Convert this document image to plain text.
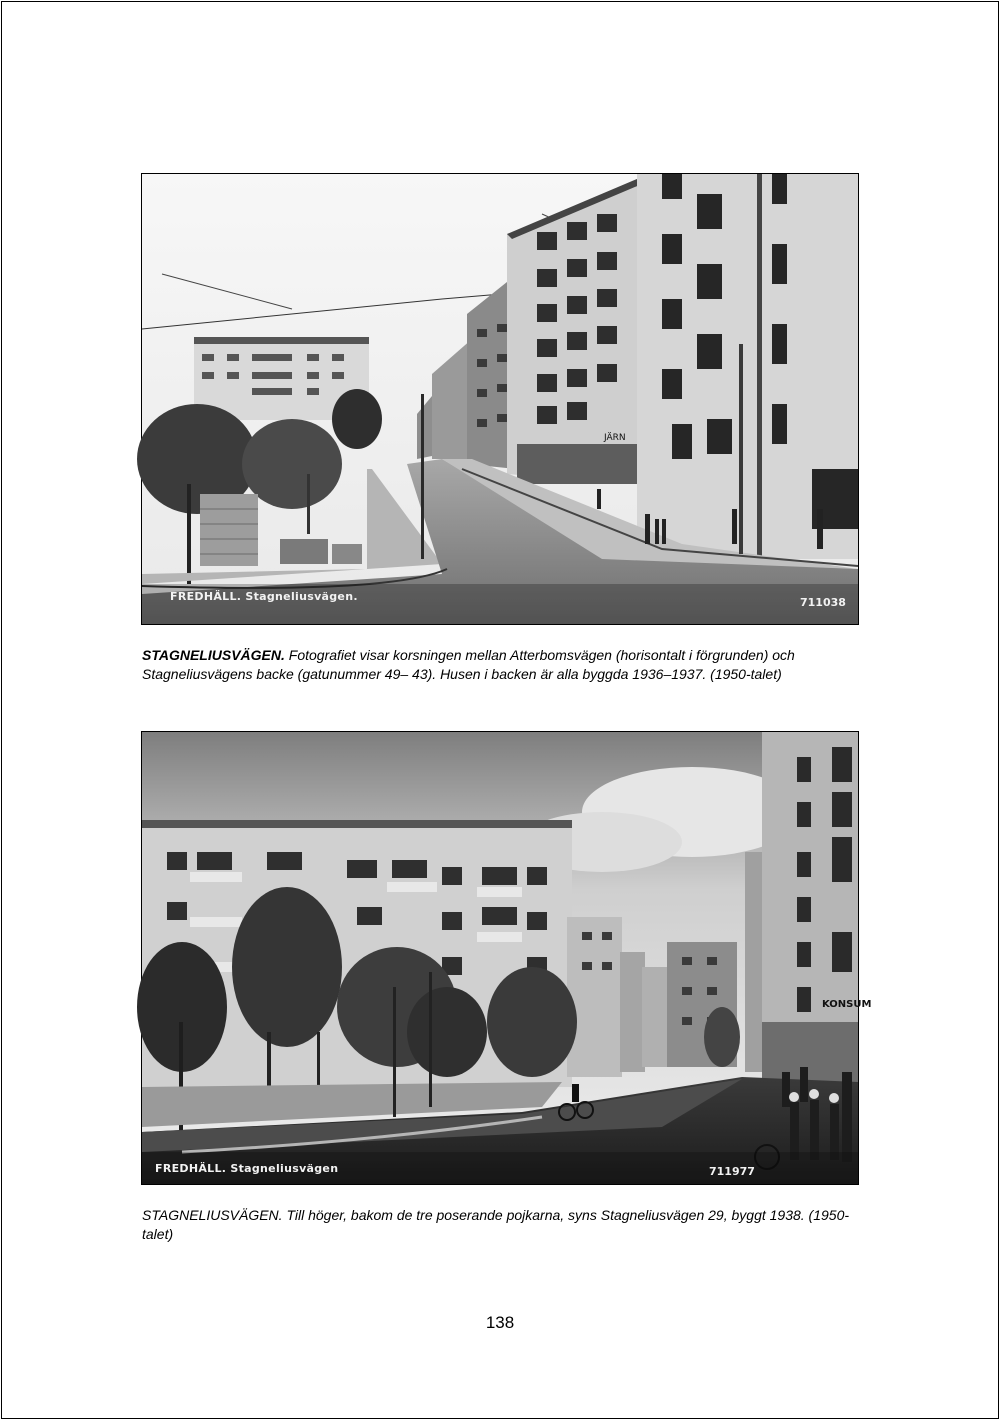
JÄRN
FREDHÄLL. Stagneliusvägen.	711038
STAGNELIUSVÄGEN. Fotografiet visar korsningen mellan Atterbomsvägen (horisontalt i förgrunden) och Stagneliusvägens backe (gatunummer 49– 43). Husen i backen är alla byggda 1936–1937. (1950-talet)
KONSUM
FREDHÄLL. Stagneliusvägen	711977
STAGNELIUSVÄGEN. Till höger, bakom de tre poserande pojkarna, syns Stagneliusvägen 29, byggt 1938. (1950-talet)
138
